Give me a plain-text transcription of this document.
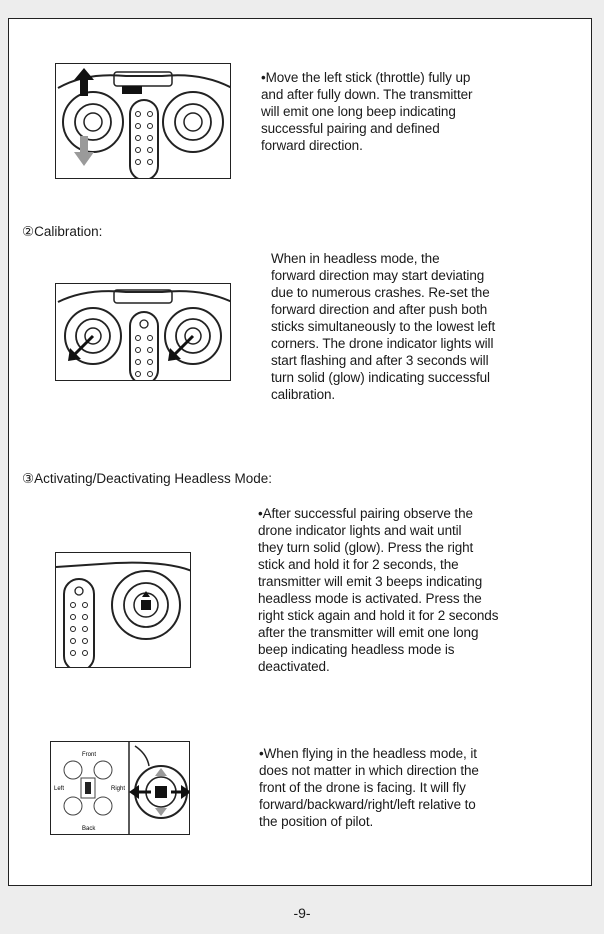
•Move the left stick (throttle) fully up
and after fully down. The transmitter
will emit one long beep indicating
successful pairing and defined
forward direction.
②Calibration:
When in headless mode, the
forward direction may start deviating
due to numerous crashes. Re-set the
forward direction and after push both
sticks simultaneously to the lowest left
corners. The drone indicator lights will
start flashing and after 3 seconds will
turn solid (glow) indicating successful
calibration.
③Activating/Deactivating Headless Mode:
•After successful pairing observe the
drone indicator lights and wait until
they turn solid (glow). Press the right
stick and hold it for 2 seconds, the
transmitter will emit 3 beeps indicating
headless mode is activated. Press the
right stick again and hold it for 2 seconds
after the transmitter will emit one long
beep indicating headless mode is
deactivated.
Front
Back
Left	Right
•When flying in the headless mode, it
does not matter in which direction the
front of the drone is facing. It will fly
forward/backward/right/left relative to
the position of pilot.
-9-
